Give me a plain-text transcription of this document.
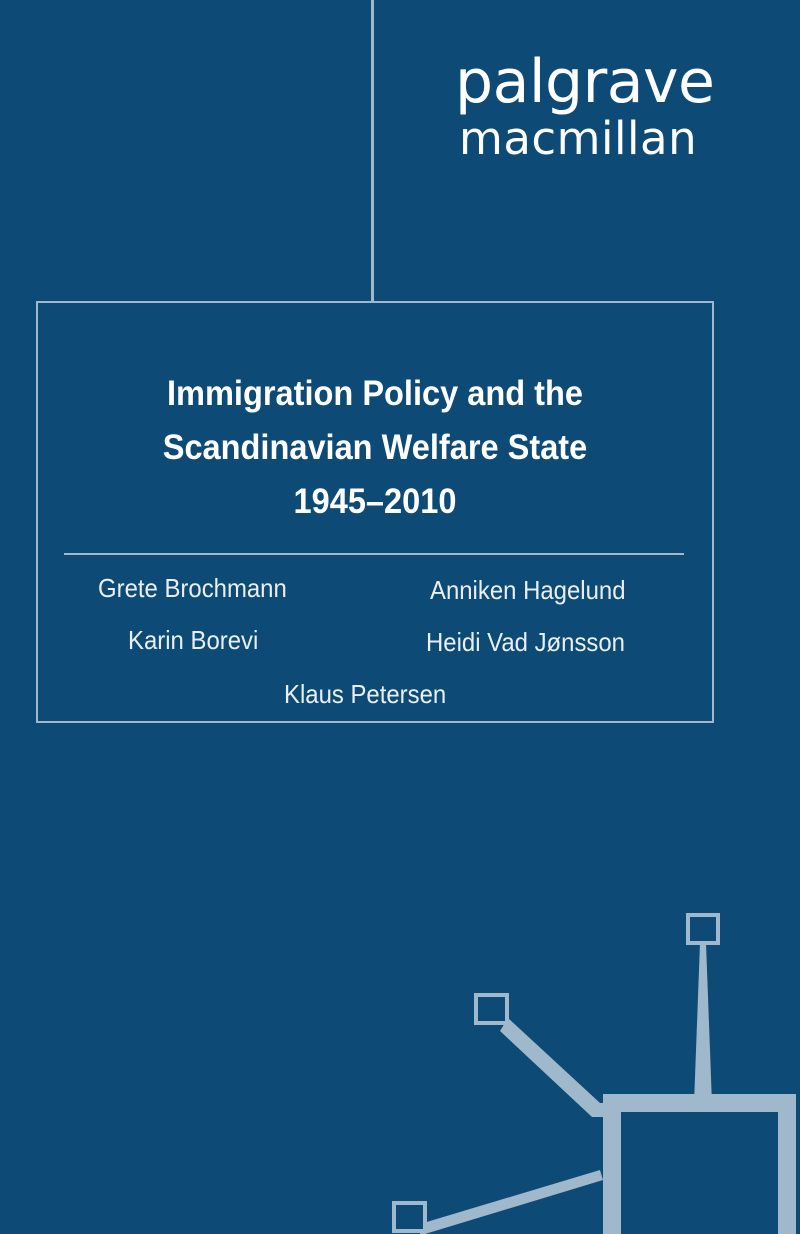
palgrave
macmillan
Immigration Policy and the
Scandinavian Welfare State
1945–2010
Grete Brochmann	Anniken Hagelund
Karin Borevi	Heidi Vad Jønsson
Klaus Petersen
